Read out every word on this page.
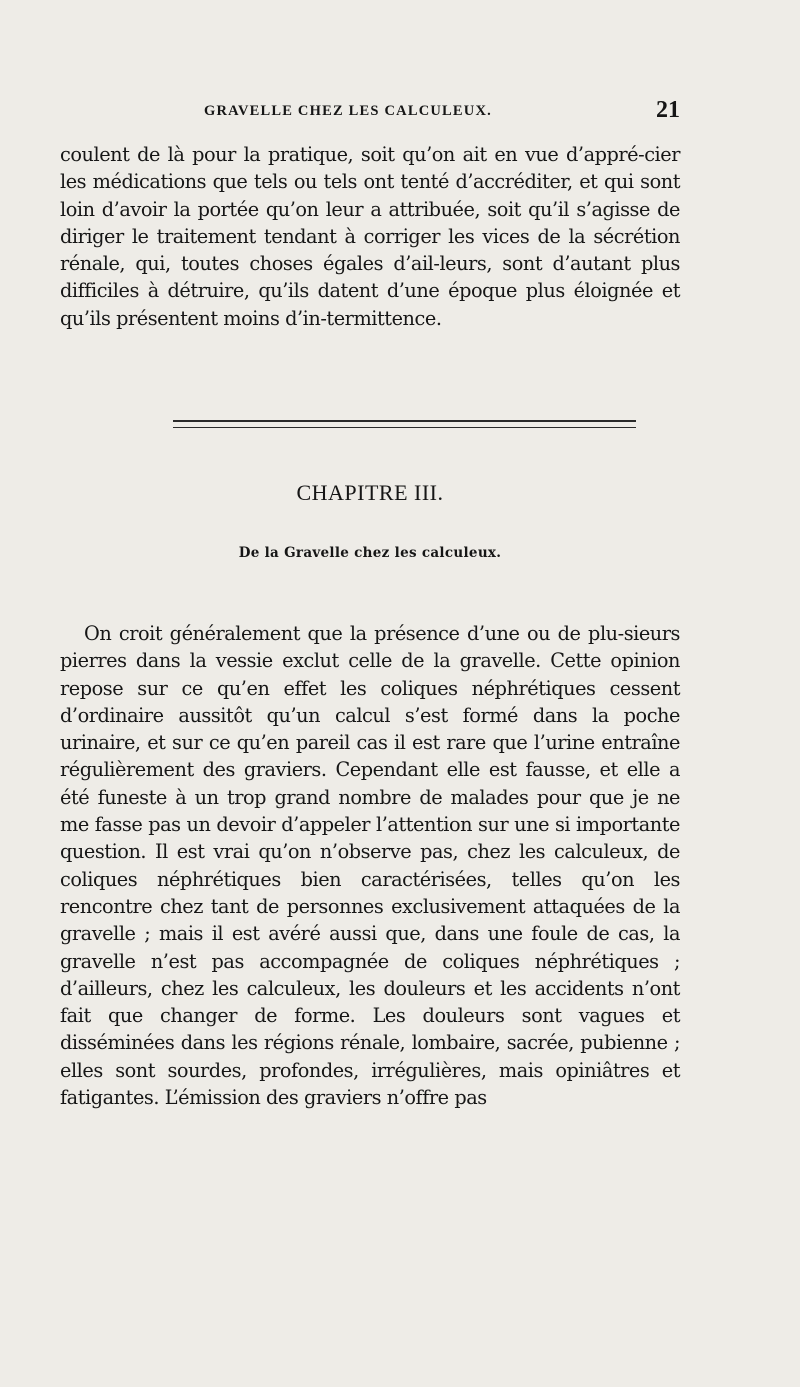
GRAVELLE CHEZ LES CALCULEUX.	21

coulent de là pour la pratique, soit qu’on ait en vue d’appré-cier les médications que tels ou tels ont tenté d’accréditer, et qui sont loin d’avoir la portée qu’on leur a attribuée, soit qu’il s’agisse de diriger le traitement tendant à corriger les vices de la sécrétion rénale, qui, toutes choses égales d’ail-leurs, sont d’autant plus difficiles à détruire, qu’ils datent d’une époque plus éloignée et qu’ils présentent moins d’in-termittence.

CHAPITRE III.
De la Gravelle chez les calculeux.

On croit généralement que la présence d’une ou de plu-sieurs pierres dans la vessie exclut celle de la gravelle. Cette opinion repose sur ce qu’en effet les coliques néphrétiques cessent d’ordinaire aussitôt qu’un calcul s’est formé dans la poche urinaire, et sur ce qu’en pareil cas il est rare que l’urine entraîne régulièrement des graviers. Cependant elle est fausse, et elle a été funeste à un trop grand nombre de malades pour que je ne me fasse pas un devoir d’appeler l’attention sur une si importante question. Il est vrai qu’on n’observe pas, chez les calculeux, de coliques néphrétiques bien caractérisées, telles qu’on les rencontre chez tant de personnes exclusivement attaquées de la gravelle ; mais il est avéré aussi que, dans une foule de cas, la gravelle n’est pas accompagnée de coliques néphrétiques ; d’ailleurs, chez les calculeux, les douleurs et les accidents n’ont fait que changer de forme. Les douleurs sont vagues et disséminées dans les régions rénale, lombaire, sacrée, pubienne ; elles sont sourdes, profondes, irrégulières, mais opiniâtres et fatigantes. L’émission des graviers n’offre pas
